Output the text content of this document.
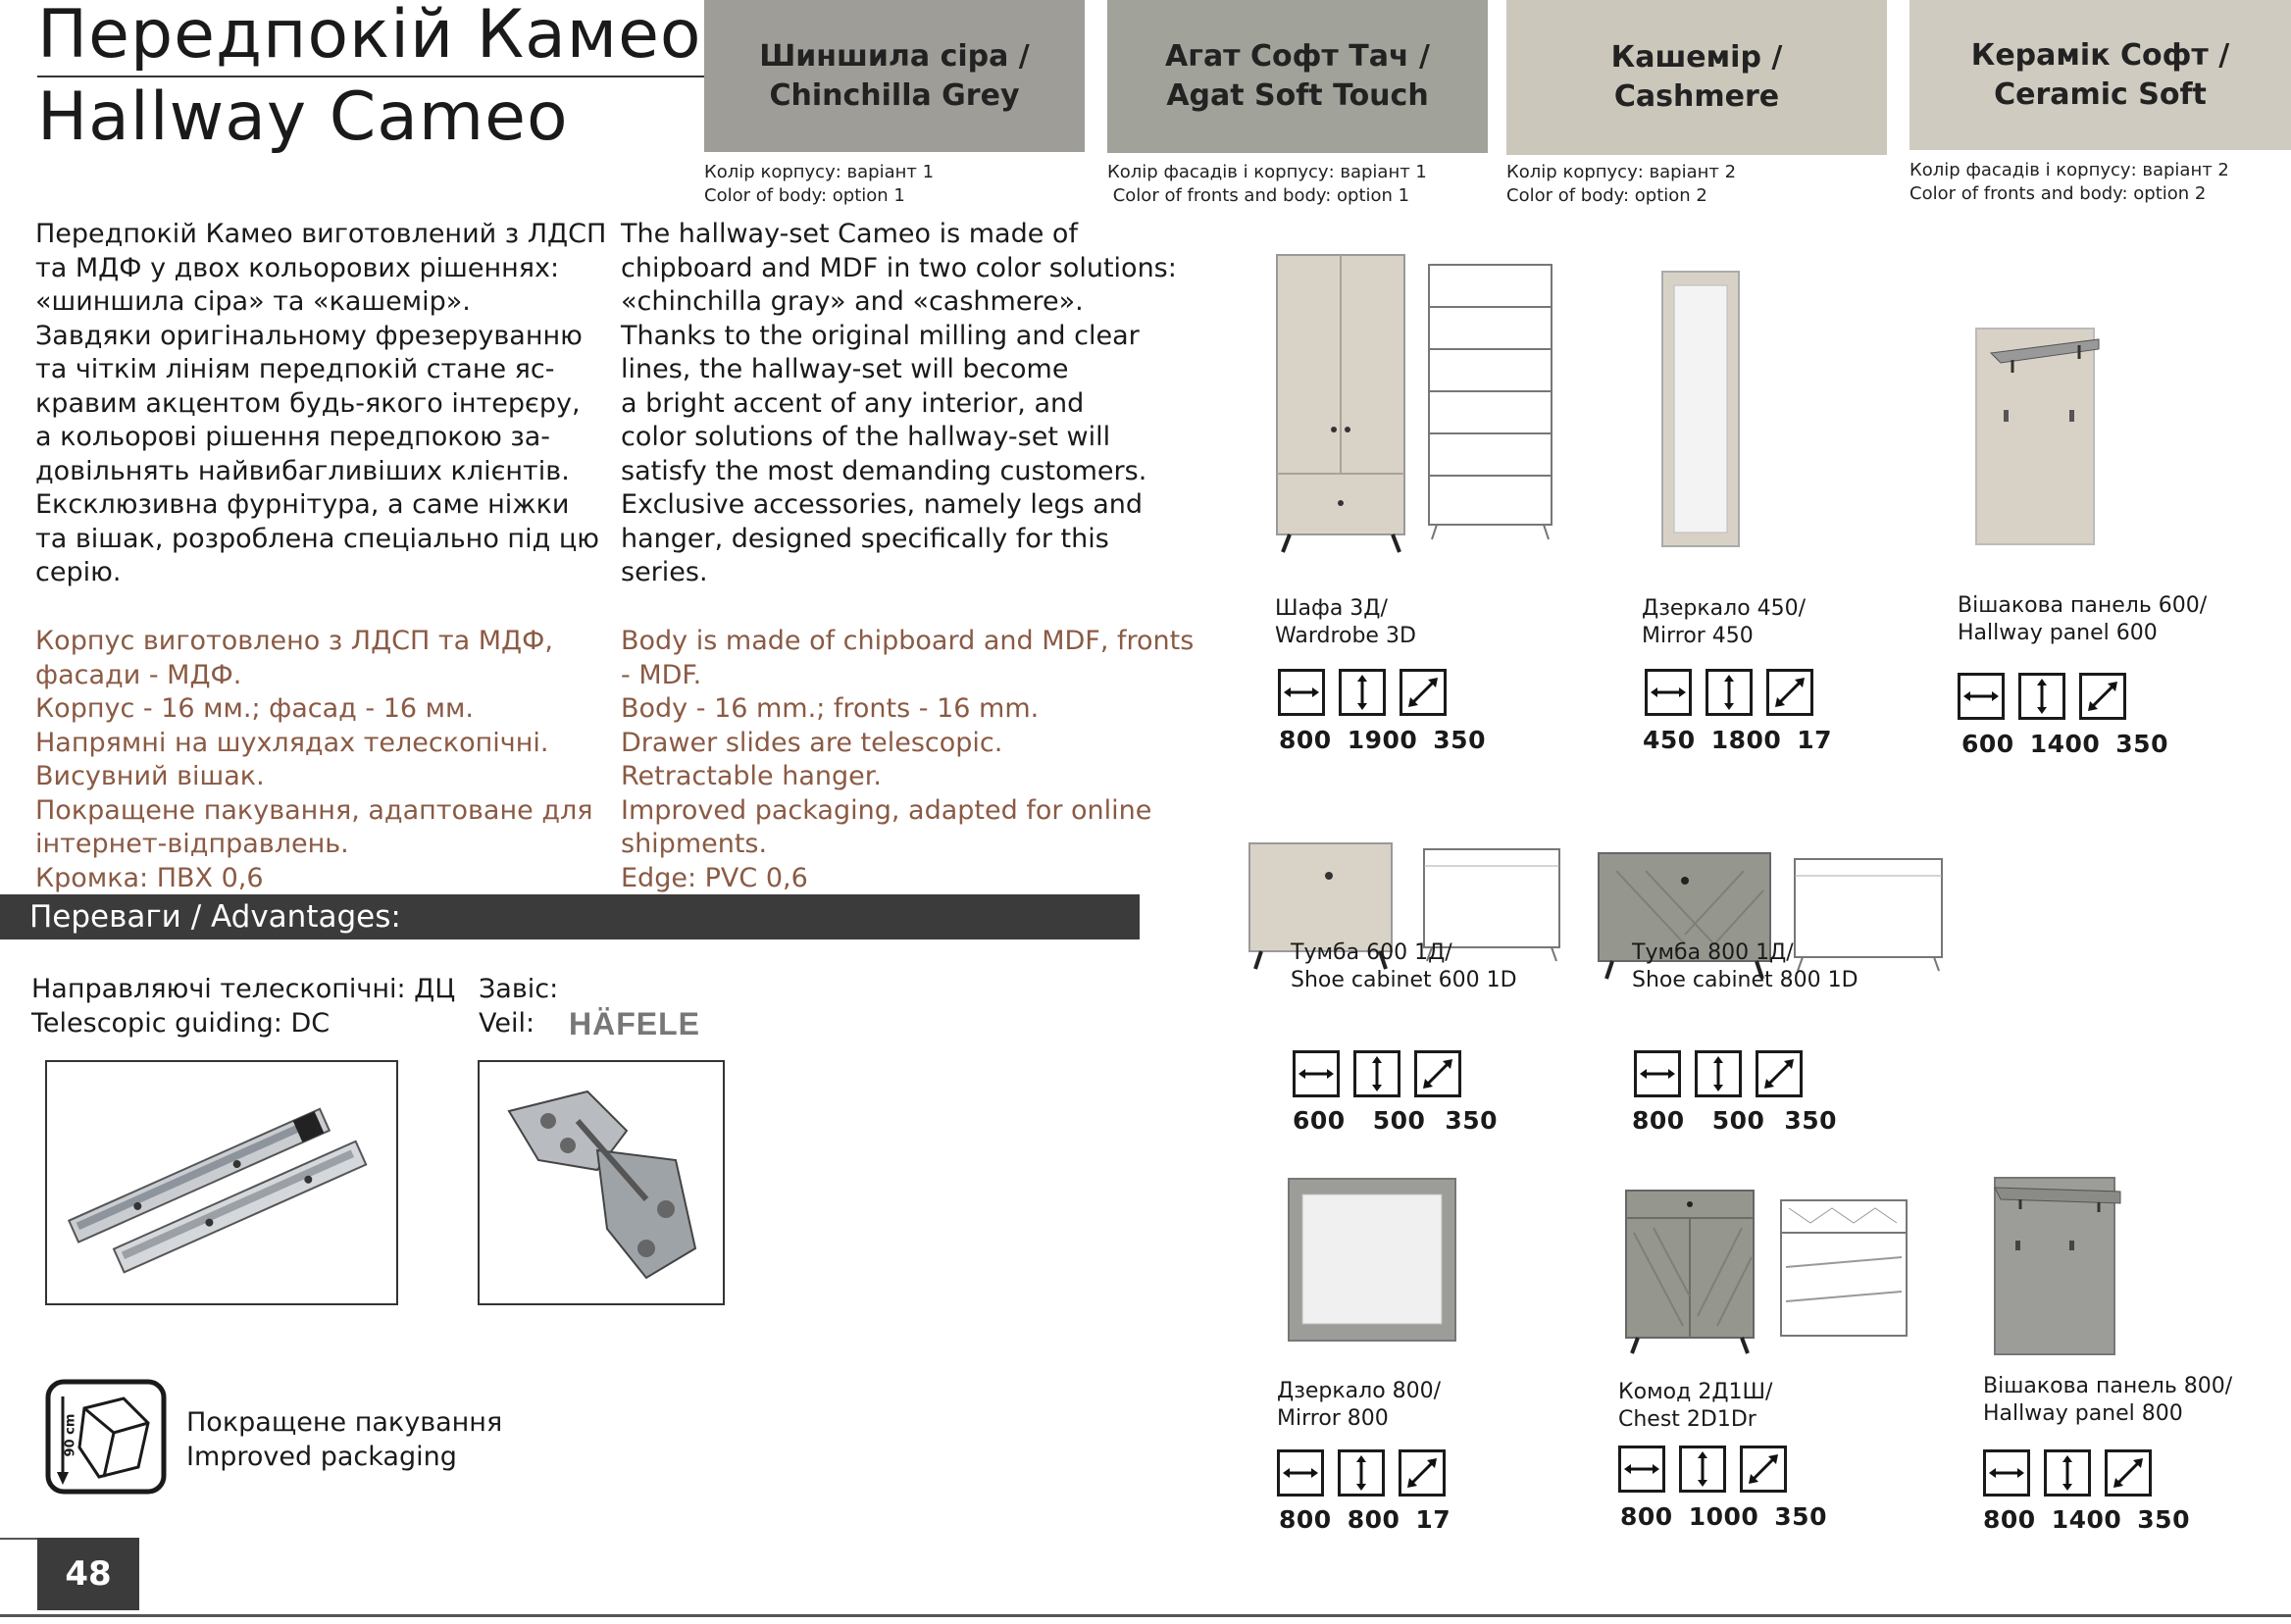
Передпокій Камео
Hallway Cameo
Шиншила сіра /
Chinchilla Grey
Агат Софт Тач /
Agat Soft Touch
Кашемір /
Cashmere
Керамік Софт /
Ceramic Soft
Колір корпусу: варіант 1
Color of body: option 1
Колір фасадів і корпусу: варіант 1
Color of fronts and body: option 1
Колір корпусу: варіант 2
Color of body: option 2
Колір фасадів і корпусу: варіант 2
Color of fronts and body: option 2
Передпокій Камео виготовлений з ЛДСП
та МДФ у двох кольорових рішеннях:
«шиншила сіра» та «кашемір».
Завдяки оригінальному фрезеруванню
та чіткім лініям передпокій стане яс-
кравим акцентом будь-якого інтерєру,
а кольорові рішення передпокою за-
довільнять найвибагливіших клієнтів.
Ексклюзивна фурнітура, а саме ніжки
та вішак, розроблена спеціально під цю
серію.
The hallway-set Cameo is made of
chipboard and MDF in two color solutions:
«chinchilla gray» and «cashmere».
Thanks to the original milling and clear
lines, the hallway-set will become
a bright accent of any interior, and
color solutions of the hallway-set will
satisfy the most demanding customers.
Exclusive accessories, namely legs and
hanger, designed specifically for this
series.
Корпус виготовлено з ЛДСП та МДФ,
фасади - МДФ.
Корпус - 16 мм.; фасад - 16 мм.
Напрямні на шухлядах телескопічні.
Висувний вішак.
Покращене пакування, адаптоване для
інтернет-відправлень.
Кромка: ПВХ 0,6
Body is made of chipboard and MDF, fronts
- MDF.
Body - 16 mm.; fronts - 16 mm.
Drawer slides are telescopic.
Retractable hanger.
Improved packaging, adapted for online
shipments.
Edge: PVC 0,6
Переваги / Advantages:
Направляючі телескопічні: ДЦ
Telescopic guiding: DC
Завіс:
Veil:	HÄFELE
90 cm	Покращене пакування
Improved packaging
Шафа 3Д/
Wardrobe 3D
800 1900 350
Дзеркало 450/
Mirror 450
450 1800 17
Вішакова панель 600/
Hallway panel 600
600 1400 350
Тумба 600 1Д/
Shoe cabinet 600 1D
600 500 350
Тумба 800 1Д/
Shoe cabinet 800 1D
800 500 350
Дзеркало 800/
Mirror 800
800 800 17
Комод 2Д1Ш/
Chest 2D1Dr
800 1000 350
Вішакова панель 800/
Hallway panel 800
800 1400 350
48
